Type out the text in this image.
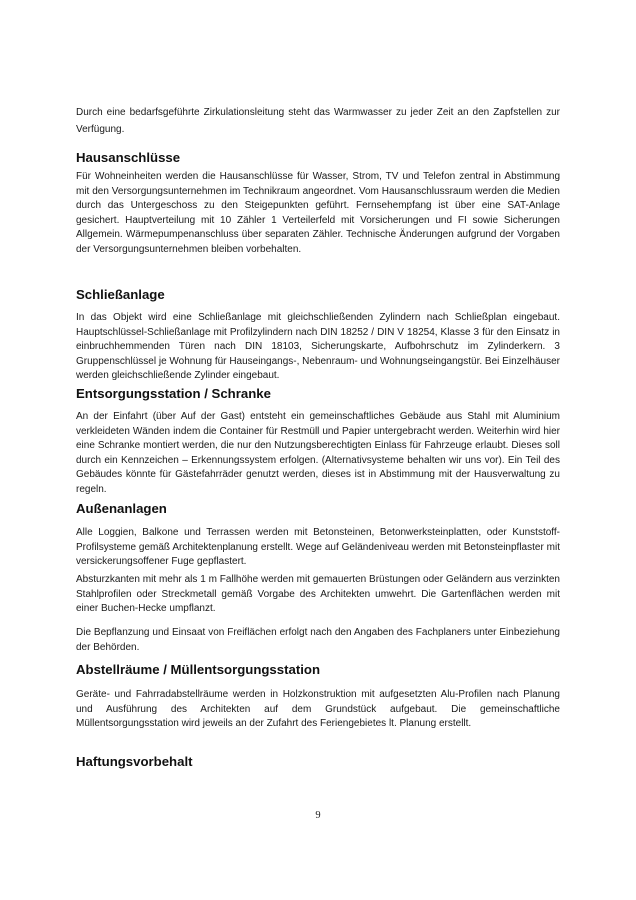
Durch eine bedarfsgeführte Zirkulationsleitung steht das Warmwasser zu jeder Zeit an den Zapfstellen zur Verfügung.

Hausanschlüsse

Für Wohneinheiten werden die Hausanschlüsse für Wasser, Strom, TV und Telefon zentral in Abstimmung mit den Versorgungsunternehmen im Technikraum angeordnet. Vom Hausanschlussraum werden die Medien durch das Untergeschoss zu den Steigepunkten geführt. Fernsehempfang ist über eine SAT-Anlage gesichert. Hauptverteilung mit 10 Zähler 1 Verteilerfeld mit Vorsicherungen und FI sowie Sicherungen Allgemein. Wärmepumpenanschluss über separaten Zähler. Technische Änderungen aufgrund der Vorgaben der Versorgungsunternehmen bleiben vorbehalten.

Schließanlage

In das Objekt wird eine Schließanlage mit gleichschließenden Zylindern nach Schließplan eingebaut. Hauptschlüssel-Schließanlage mit Profilzylindern nach DIN 18252 / DIN V 18254, Klasse 3 für den Einsatz in einbruchhemmenden Türen nach DIN 18103, Sicherungskarte, Aufbohrschutz im Zylinderkern. 3 Gruppenschlüssel je Wohnung für Hauseingangs-, Nebenraum- und Wohnungseingangstür. Bei Einzelhäuser werden gleichschließende Zylinder eingebaut.

Entsorgungsstation / Schranke

An der Einfahrt (über Auf der Gast) entsteht ein gemeinschaftliches Gebäude aus Stahl mit Aluminium verkleideten Wänden indem die Container für Restmüll und Papier untergebracht werden. Weiterhin wird hier eine Schranke montiert werden, die nur den Nutzungsberechtigten Einlass für Fahrzeuge erlaubt. Dieses soll durch ein Kennzeichen – Erkennungssystem erfolgen. (Alternativsysteme behalten wir uns vor). Ein Teil des Gebäudes könnte für Gästefahrräder genutzt werden, dieses ist in Abstimmung mit der Hausverwaltung zu regeln.

Außenanlagen

Alle Loggien, Balkone und Terrassen werden mit Betonsteinen, Betonwerksteinplatten, oder Kunststoff-Profilsysteme gemäß Architektenplanung erstellt. Wege auf Geländeniveau werden mit Betonsteinpflaster mit versickerungsoffener Fuge gepflastert.

Absturzkanten mit mehr als 1 m Fallhöhe werden mit gemauerten Brüstungen oder Geländern aus verzinkten Stahlprofilen oder Streckmetall gemäß Vorgabe des Architekten umwehrt. Die Gartenflächen werden mit einer Buchen-Hecke umpflanzt.

Die Bepflanzung und Einsaat von Freiflächen erfolgt nach den Angaben des Fachplaners unter Einbeziehung der Behörden.

Abstellräume / Müllentsorgungsstation

Geräte- und Fahrradabstellräume werden in Holzkonstruktion mit aufgesetzten Alu-Profilen nach Planung und Ausführung des Architekten auf dem Grundstück aufgebaut. Die gemeinschaftliche Müllentsorgungsstation wird jeweils an der Zufahrt des Feriengebietes lt. Planung erstellt.

Haftungsvorbehalt

9
